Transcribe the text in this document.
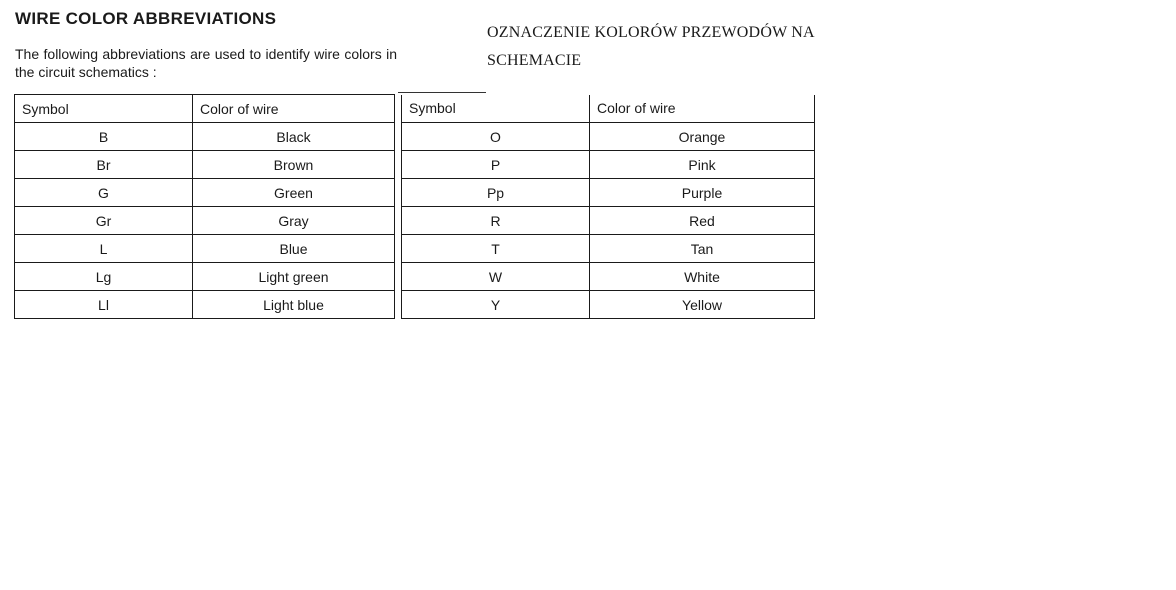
WIRE COLOR ABBREVIATIONS

The following abbreviations are used to identify wire colors in the circuit schematics :

OZNACZENIE KOLORÓW PRZEWODÓW NA SCHEMACIE

Symbol	Color of wire		Symbol	Color of wire
B	Black		O	Orange
Br	Brown		P	Pink
G	Green		Pp	Purple
Gr	Gray		R	Red
L	Blue		T	Tan
Lg	Light green		W	White
Ll	Light blue		Y	Yellow
